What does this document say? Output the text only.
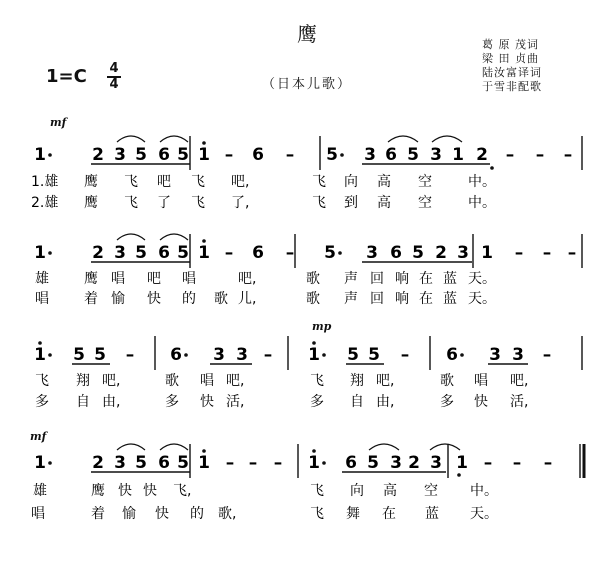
鹰
1=C 4
4	（日本儿歌）
葛 原 茂词
梁 田 贞曲
陆汝富译词
于雪非配歌
mf
mp
mf
1	2 3 5 6 5 1 – 6 – 5 3 6 5 3 1 2 – – –
1.雄 鹰 飞 吧 飞 吧,	飞 向 高 空	中。
2.雄 鹰 飞 了 飞 了,	飞 到 高 空	中。
1	2 3 5 6 5 1 – 6 – 5 3 6 5 2 3 1 – – –
雄	鹰 唱 吧 唱	吧,	歌 声 回 响 在 蓝 天。
唱	着 愉 快 的 歌 儿,	歌 声 回 响 在 蓝 天。
1 5 5 – 6 3 3 – 1 5 5 – 6 3 3 –
飞 翔 吧,	歌 唱 吧,	飞 翔 吧,	歌 唱 吧,
多 自 由,	多 快 活,	多 自 由,	多 快 活,
1	2 3 5 6 5 1 – – – 1 6 5 3 2 3 1 – – –
雄	鹰 快 快 飞,	飞 向 高 空 中。
唱	着 愉 快 的 歌,	飞 舞 在 蓝 天。
